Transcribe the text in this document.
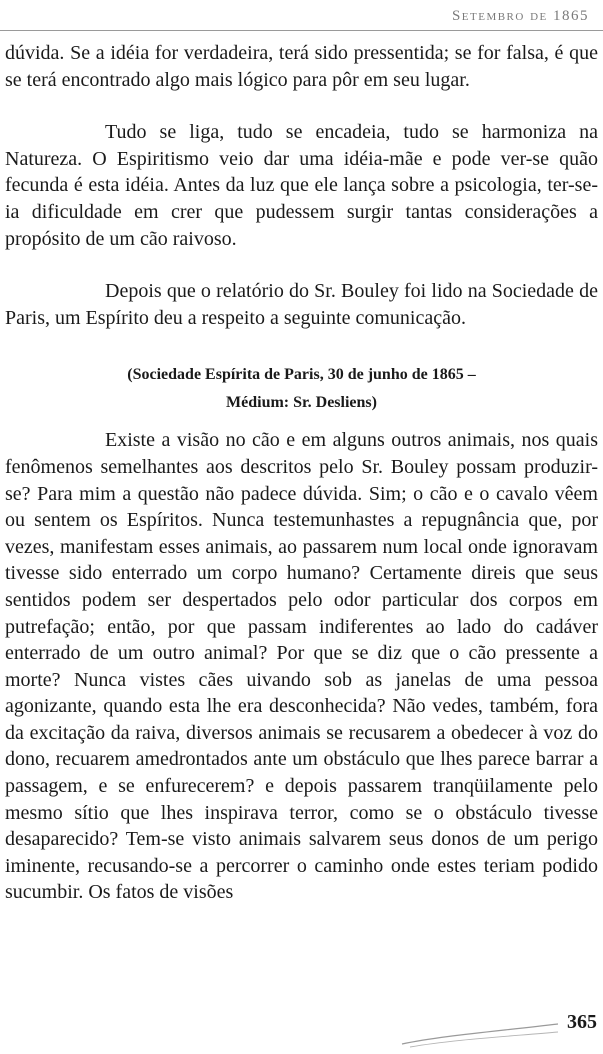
Setembro de 1865

dúvida. Se a idéia for verdadeira, terá sido pressentida; se for falsa, é que se terá encontrado algo mais lógico para pôr em seu lugar.

Tudo se liga, tudo se encadeia, tudo se harmoniza na Natureza. O Espiritismo veio dar uma idéia-mãe e pode ver-se quão fecunda é esta idéia. Antes da luz que ele lança sobre a psicologia, ter-se-ia dificuldade em crer que pudessem surgir tantas considerações a propósito de um cão raivoso.

Depois que o relatório do Sr. Bouley foi lido na Sociedade de Paris, um Espírito deu a respeito a seguinte comunicação.

(Sociedade Espírita de Paris, 30 de junho de 1865 –
Médium: Sr. Desliens)

Existe a visão no cão e em alguns outros animais, nos quais fenômenos semelhantes aos descritos pelo Sr. Bouley possam produzir-se? Para mim a questão não padece dúvida. Sim; o cão e o cavalo vêem ou sentem os Espíritos. Nunca testemunhastes a repugnância que, por vezes, manifestam esses animais, ao passarem num local onde ignoravam tivesse sido enterrado um corpo humano? Certamente direis que seus sentidos podem ser despertados pelo odor particular dos corpos em putrefação; então, por que passam indiferentes ao lado do cadáver enterrado de um outro animal? Por que se diz que o cão pressente a morte? Nunca vistes cães uivando sob as janelas de uma pessoa agonizante, quando esta lhe era desconhecida? Não vedes, também, fora da excitação da raiva, diversos animais se recusarem a obedecer à voz do dono, recuarem amedrontados ante um obstáculo que lhes parece barrar a passagem, e se enfurecerem? e depois passarem tranqüilamente pelo mesmo sítio que lhes inspirava terror, como se o obstáculo tivesse desaparecido? Tem-se visto animais salvarem seus donos de um perigo iminente, recusando-se a percorrer o caminho onde estes teriam podido sucumbir. Os fatos de visões

365
